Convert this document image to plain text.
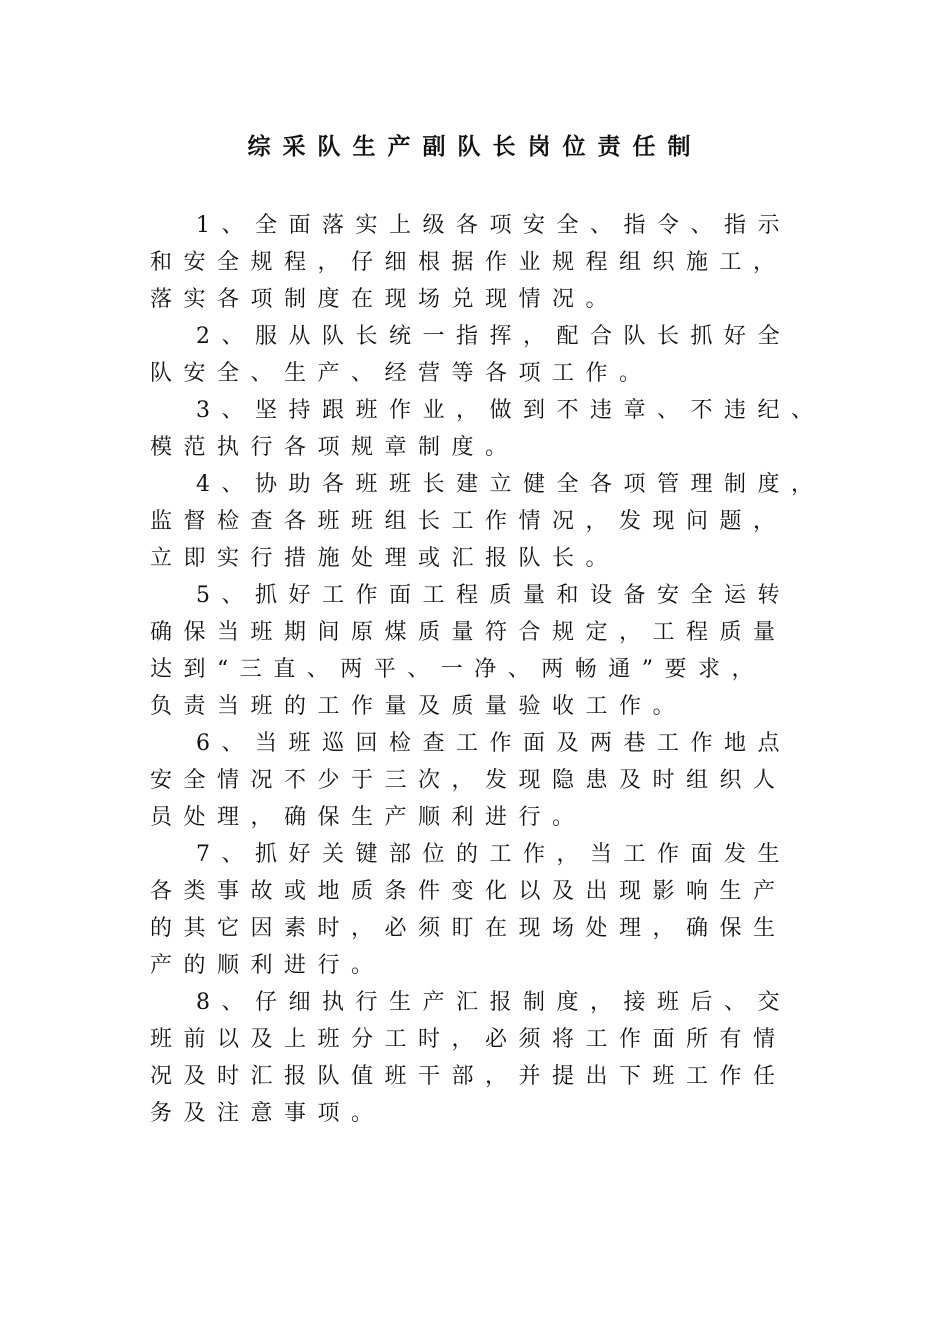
综采队生产副队长岗位责任制
1、全面落实上级各项安全、指令、指示
和安全规程，仔细根据作业规程组织施工，
落实各项制度在现场兑现情况。
2、服从队长统一指挥，配合队长抓好全
队安全、生产、经营等各项工作。
3、坚持跟班作业，做到不违章、不违纪、
模范执行各项规章制度。
4、协助各班班长建立健全各项管理制度，
监督检查各班班组长工作情况，发现问题，
立即实行措施处理或汇报队长。
5、抓好工作面工程质量和设备安全运转
确保当班期间原煤质量符合规定，工程质量
达到“三直、两平、一净、两畅通”要求，
负责当班的工作量及质量验收工作。
6、当班巡回检查工作面及两巷工作地点
安全情况不少于三次，发现隐患及时组织人
员处理，确保生产顺利进行。
7、抓好关键部位的工作，当工作面发生
各类事故或地质条件变化以及出现影响生产
的其它因素时，必须盯在现场处理，确保生
产的顺利进行。
8、仔细执行生产汇报制度，接班后、交
班前以及上班分工时，必须将工作面所有情
况及时汇报队值班干部，并提出下班工作任
务及注意事项。
